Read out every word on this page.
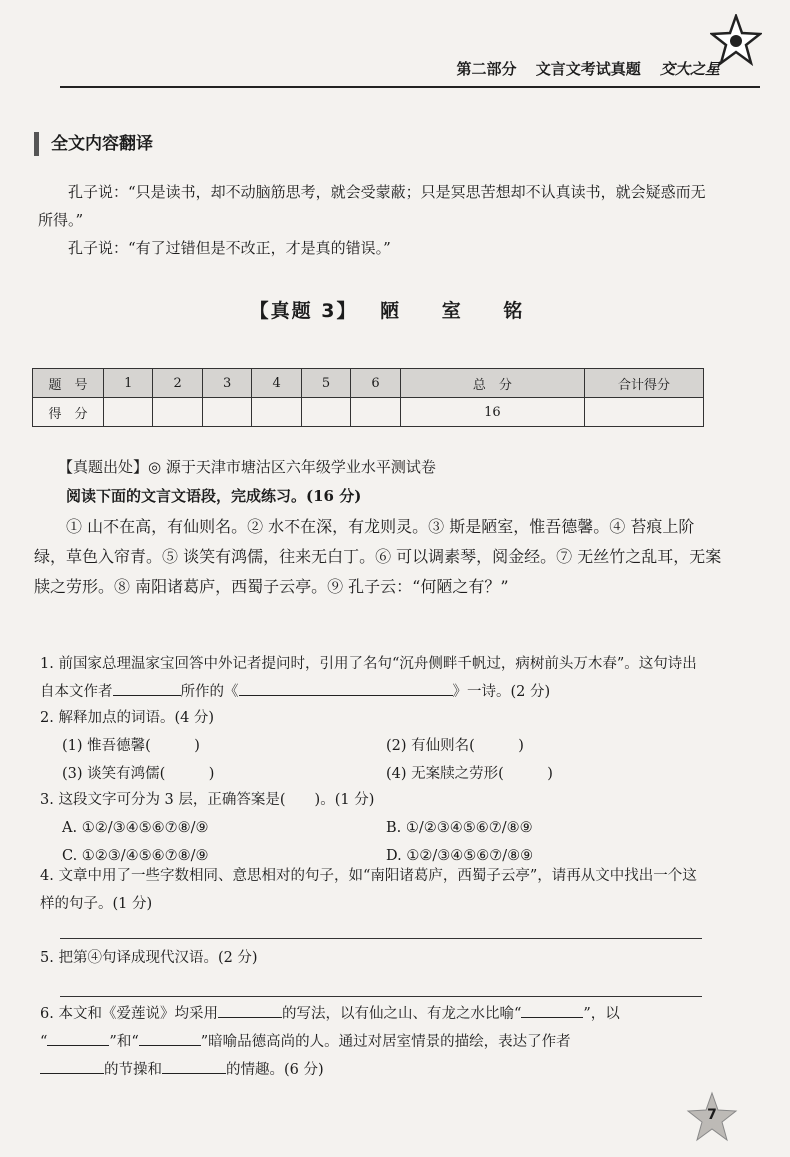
第二部分 文言文考试真题 交大之星
全文内容翻译

孔子说：“只是读书，却不动脑筋思考，就会受蒙蔽；只是冥思苦想却不认真读书，就会疑惑而无所得。”

孔子说：“有了过错但是不改正，才是真的错误。”

【真题 3】 陋 室 铭
题　号	1	2	3	4	5	6	总　分	合计得分
得　分							16	
【真题出处】◎ 源于天津市塘沽区六年级学业水平测试卷
阅读下面的文言文语段，完成练习。(16 分)

① 山不在高，有仙则名。② 水不在深，有龙则灵。③ 斯是陋室，惟吾德馨。④ 苔痕上阶绿，草色入帘青。⑤ 谈笑有鸿儒，往来无白丁。⑥ 可以调素琴，阅金经。⑦ 无丝竹之乱耳，无案牍之劳形。⑧ 南阳诸葛庐，西蜀子云亭。⑨ 孔子云：“何陋之有？”

1. 前国家总理温家宝回答中外记者提问时，引用了名句“沉舟侧畔千帆过，病树前头万木春”。这句诗出自本文作者	所作的《	》一诗。(2 分)
2. 解释加点的词语。(4 分)
(1) 惟吾德馨(　　　)	(2) 有仙则名(　　　)
(3) 谈笑有鸿儒(　　　)	(4) 无案牍之劳形(　　　)
3. 这段文字可分为 3 层，正确答案是(　　)。(1 分)
A. ①②/③④⑤⑥⑦⑧/⑨	B. ①/②③④⑤⑥⑦/⑧⑨
C. ①②③/④⑤⑥⑦⑧/⑨	D. ①②/③④⑤⑥⑦/⑧⑨
4. 文章中用了一些字数相同、意思相对的句子，如“南阳诸葛庐，西蜀子云亭”，请再从文中找出一个这样的句子。(1 分)
5. 把第④句译成现代汉语。(2 分)
6. 本文和《爱莲说》均采用	的写法，以有仙之山、有龙之水比喻“	”，以
“	”和“	”暗喻品德高尚的人。通过对居室情景的描绘，表达了作者
的节操和	的情趣。(6 分)
7
